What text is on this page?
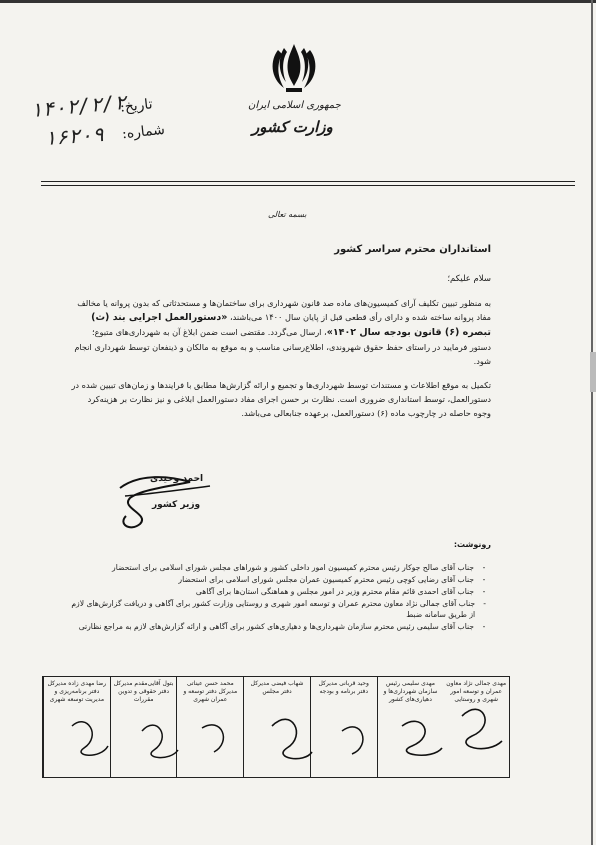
جمهوری اسلامی ایران
وزارت کشور
تاریخ:
۱۴۰۲/۲/۲
شماره:
۱۶۲۰۹
بسمه تعالی
استانداران محترم سراسر کشور
سلام علیکم؛

به منظور تبیین تکلیف آرای کمیسیون‌های ماده صد قانون شهرداری برای ساختمان‌ها و مستحدثاتی که بدون پروانه یا مخالف مفاد پروانه ساخته شده و دارای رأی قطعی قبل از پایان سال ۱۴۰۰ می‌باشند، «دستورالعمل اجرایی بند (ث) تبصره (۶) قانون بودجه سال ۱۴۰۲»، ارسال می‌گردد. مقتضی است ضمن ابلاغ آن به شهرداری‌های متبوع؛ دستور فرمایید در راستای حفظ حقوق شهروندی، اطلاع‌رسانی مناسب و به موقع به مالکان و ذینفعان توسط شهرداری انجام شود.

تکمیل به موقع اطلاعات و مستندات توسط شهرداری‌ها و تجمیع و ارائه گزارش‌ها مطابق با فرایندها و زمان‌های تبیین شده در دستورالعمل، توسط استانداری ضروری است. نظارت بر حسن اجرای مفاد دستورالعمل ابلاغی و نیز نظارت بر هزینه‌کرد وجوه حاصله در چارچوب ماده (۶) دستورالعمل، برعهده جنابعالی می‌باشد.

احمد وحیدی
وزیر کشور
رونوشت:
-
جناب آقای صالح جوکار رئیس محترم کمیسیون امور داخلی کشور و شوراهای مجلس شورای اسلامی برای استحضار
-
جناب آقای رضایی کوچی رئیس محترم کمیسیون عمران مجلس شورای اسلامی برای استحضار
-
جناب آقای احمدی قائم مقام محترم وزیر در امور مجلس و هماهنگی استان‌ها برای آگاهی
-
جناب آقای جمالی نژاد معاون محترم عمران و توسعه امور شهری و روستایی وزارت کشور برای آگاهی و دریافت گزارش‌های لازم از طریق سامانه ضبط
-
جناب آقای سلیمی رئیس محترم سازمان شهرداری‌ها و دهیاری‌های کشور برای آگاهی و ارائه گزارش‌های لازم به مراجع نظارتی
رضا مهدی زاده مدیرکل دفتر برنامه‌ریزی و مدیریت توسعه شهری
بتول آقایی‌مقدم مدیرکل دفتر حقوقی و تدوین مقررات
محمد حسن عیناتی مدیرکل دفتر توسعه و عمران شهری
شهاب فیضی مدیرکل دفتر مجلس
وحید قربانی مدیرکل دفتر برنامه و بودجه
مهدی سلیمی رئیس سازمان شهرداری‌ها و دهیاری‌های کشور
مهدی جمالی نژاد معاون عمران و توسعه امور شهری و روستایی
